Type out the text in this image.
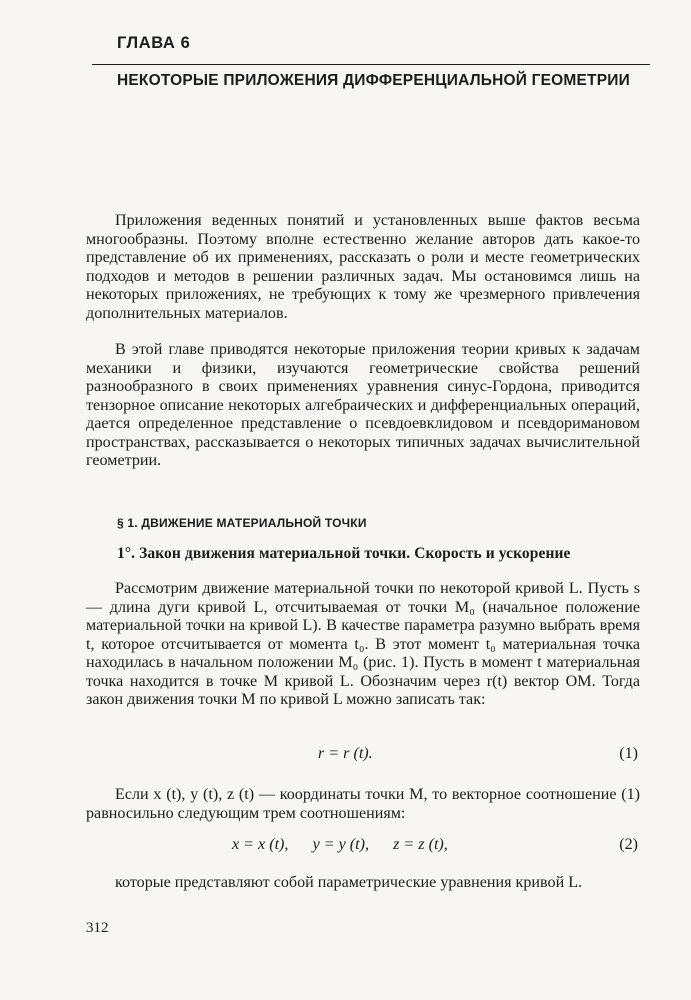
ГЛАВА 6
НЕКОТОРЫЕ ПРИЛОЖЕНИЯ ДИФФЕРЕНЦИАЛЬНОЙ ГЕОМЕТРИИ

Приложения веденных понятий и установленных выше фактов весьма многообразны. Поэтому вполне естественно желание авторов дать какое-то представление об их применениях, рассказать о роли и месте геометрических подходов и методов в решении различных задач. Мы остановимся лишь на некоторых приложениях, не требующих к тому же чрезмерного привлечения дополнительных материалов.

В этой главе приводятся некоторые приложения теории кривых к задачам механики и физики, изучаются геометрические свойства решений разнообразного в своих применениях уравнения синус-Гордона, приводится тензорное описание некоторых алгебраических и дифференциальных операций, дается определенное представление о псевдоевклидовом и псевдоримановом пространствах, рассказывается о некоторых типичных задачах вычислительной геометрии.

§ 1. ДВИЖЕНИЕ МАТЕРИАЛЬНОЙ ТОЧКИ
1°. Закон движения материальной точки. Скорость и ускорение

Рассмотрим движение материальной точки по некоторой кривой L. Пусть s — длина дуги кривой L, отсчитываемая от точки M₀ (начальное положение материальной точки на кривой L). В качестве параметра разумно выбрать время t, которое отсчитывается от момента t₀. В этот момент t₀ материальная точка находилась в начальном положении M₀ (рис. 1). Пусть в момент t материальная точка находится в точке M кривой L. Обозначим через r(t) вектор OM. Тогда закон движения точки M по кривой L можно записать так:

r = r (t).	(1)

Если x (t), y (t), z (t) — координаты точки M, то векторное соотношение (1) равносильно следующим трем соотношениям:

x = x (t),      y = y (t),      z = z (t),	(2)

которые представляют собой параметрические уравнения кривой L.

312
